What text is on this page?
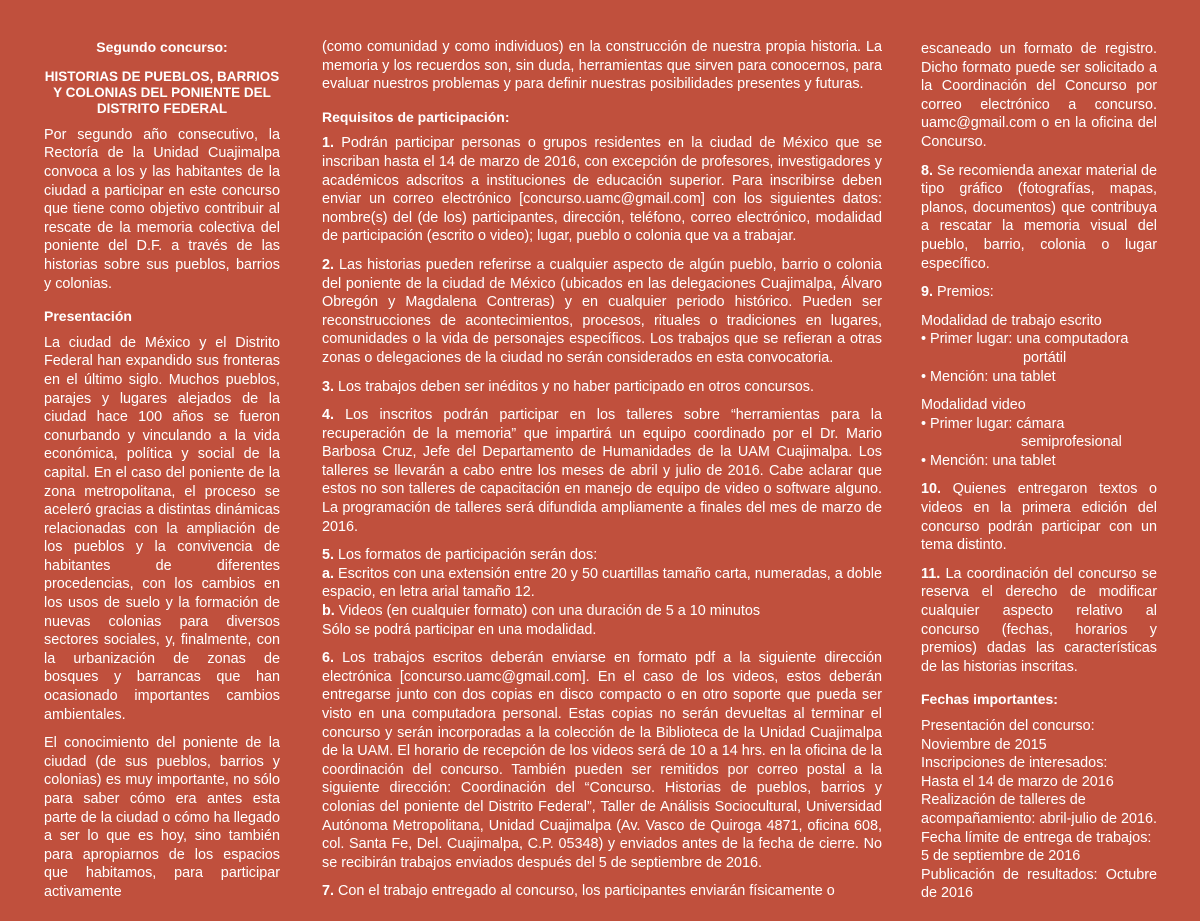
Segundo concurso:
HISTORIAS DE PUEBLOS, BARRIOS Y COLONIAS DEL PONIENTE DEL DISTRITO FEDERAL

Por segundo año consecutivo, la Rectoría de la Unidad Cuajimalpa convoca a los y las habitantes de la ciudad a participar en este concurso que tiene como objetivo contribuir al rescate de la memoria colectiva del poniente del D.F. a través de las historias sobre sus pueblos, barrios y colonias.

Presentación

La ciudad de México y el Distrito Federal han expandido sus fronteras en el último siglo. Muchos pueblos, parajes y lugares alejados de la ciudad hace 100 años se fueron conurbando y vinculando a la vida económica, política y social de la capital. En el caso del poniente de la zona metropolitana, el proceso se aceleró gracias a distintas dinámicas relacionadas con la ampliación de los pueblos y la convivencia de habitantes de diferentes procedencias, con los cambios en los usos de suelo y la formación de nuevas colonias para diversos sectores sociales, y, finalmente, con la urbanización de zonas de bosques y barrancas que han ocasionado importantes cambios ambientales.

El conocimiento del poniente de la ciudad (de sus pueblos, barrios y colonias) es muy importante, no sólo para saber cómo era antes esta parte de la ciudad o cómo ha llegado a ser lo que es hoy, sino también para apropiarnos de los espacios que habitamos, para participar activamente

(como comunidad y como individuos) en la construcción de nuestra propia historia. La memoria y los recuerdos son, sin duda, herramientas que sirven para conocernos, para evaluar nuestros problemas y para definir nuestras posibilidades presentes y futuras.

Requisitos de participación:

1. Podrán participar personas o grupos residentes en la ciudad de México que se inscriban hasta el 14 de marzo de 2016, con excepción de profesores, investigadores y académicos adscritos a instituciones de educación superior. Para inscribirse deben enviar un correo electrónico [concurso.uamc@gmail.com] con los siguientes datos: nombre(s) del (de los) participantes, dirección, teléfono, correo electrónico, modalidad de participación (escrito o video); lugar, pueblo o colonia que va a trabajar.

2. Las historias pueden referirse a cualquier aspecto de algún pueblo, barrio o colonia del poniente de la ciudad de México (ubicados en las delegaciones Cuajimalpa, Álvaro Obregón y Magdalena Contreras) y en cualquier periodo histórico. Pueden ser reconstrucciones de acontecimientos, procesos, rituales o tradiciones en lugares, comunidades o la vida de personajes específicos. Los trabajos que se refieran a otras zonas o delegaciones de la ciudad no serán considerados en esta convocatoria.

3. Los trabajos deben ser inéditos y no haber participado en otros concursos.

4. Los inscritos podrán participar en los talleres sobre “herramientas para la recuperación de la memoria” que impartirá un equipo coordinado por el Dr. Mario Barbosa Cruz, Jefe del Departamento de Humanidades de la UAM Cuajimalpa. Los talleres se llevarán a cabo entre los meses de abril y julio de 2016. Cabe aclarar que estos no son talleres de capacitación en manejo de equipo de video o software alguno. La programación de talleres será difundida ampliamente a finales del mes de marzo de 2016.

5. Los formatos de participación serán dos:
a. Escritos con una extensión entre 20 y 50 cuartillas tamaño carta, numeradas, a doble espacio, en letra arial tamaño 12.
b. Videos (en cualquier formato) con una duración de 5 a 10 minutos
Sólo se podrá participar en una modalidad.

6. Los trabajos escritos deberán enviarse en formato pdf a la siguiente dirección electrónica [concurso.uamc@gmail.com]. En el caso de los videos, estos deberán entregarse junto con dos copias en disco compacto o en otro soporte que pueda ser visto en una computadora personal. Estas copias no serán devueltas al terminar el concurso y serán incorporadas a la colección de la Biblioteca de la Unidad Cuajimalpa de la UAM. El horario de recepción de los videos será de 10 a 14 hrs. en la oficina de la coordinación del concurso. También pueden ser remitidos por correo postal a la siguiente dirección: Coordinación del “Concurso. Historias de pueblos, barrios y colonias del poniente del Distrito Federal”, Taller de Análisis Sociocultural, Universidad Autónoma Metropolitana, Unidad Cuajimalpa (Av. Vasco de Quiroga 4871, oficina 608, col. Santa Fe, Del. Cuajimalpa, C.P. 05348) y enviados antes de la fecha de cierre. No se recibirán trabajos enviados después del 5 de septiembre de 2016.

7. Con el trabajo entregado al concurso, los participantes enviarán físicamente o

escaneado un formato de registro. Dicho formato puede ser solicitado a la Coordinación del Concurso por correo electrónico a concurso. uamc@gmail.com o en la oficina del Concurso.

8. Se recomienda anexar material de tipo gráfico (fotografías, mapas, planos, documentos) que contribuya a rescatar la memoria visual del pueblo, barrio, colonia o lugar específico.

9. Premios:

Modalidad de trabajo escrito
• Primer lugar: una computadora
portátil
• Mención: una tablet
Modalidad video
• Primer lugar: cámara
semiprofesional
• Mención: una tablet

10. Quienes entregaron textos o videos en la primera edición del concurso podrán participar con un tema distinto.

11. La coordinación del concurso se reserva el derecho de modificar cualquier aspecto relativo al concurso (fechas, horarios y premios) dadas las características de las historias inscritas.

Fechas importantes:
Presentación del concurso:
Noviembre de 2015
Inscripciones de interesados:
Hasta el 14 de marzo de 2016
Realización de talleres de
acompañamiento: abril-julio de 2016.
Fecha límite de entrega de trabajos:
5 de septiembre de 2016
Publicación de resultados: Octubre de 2016
